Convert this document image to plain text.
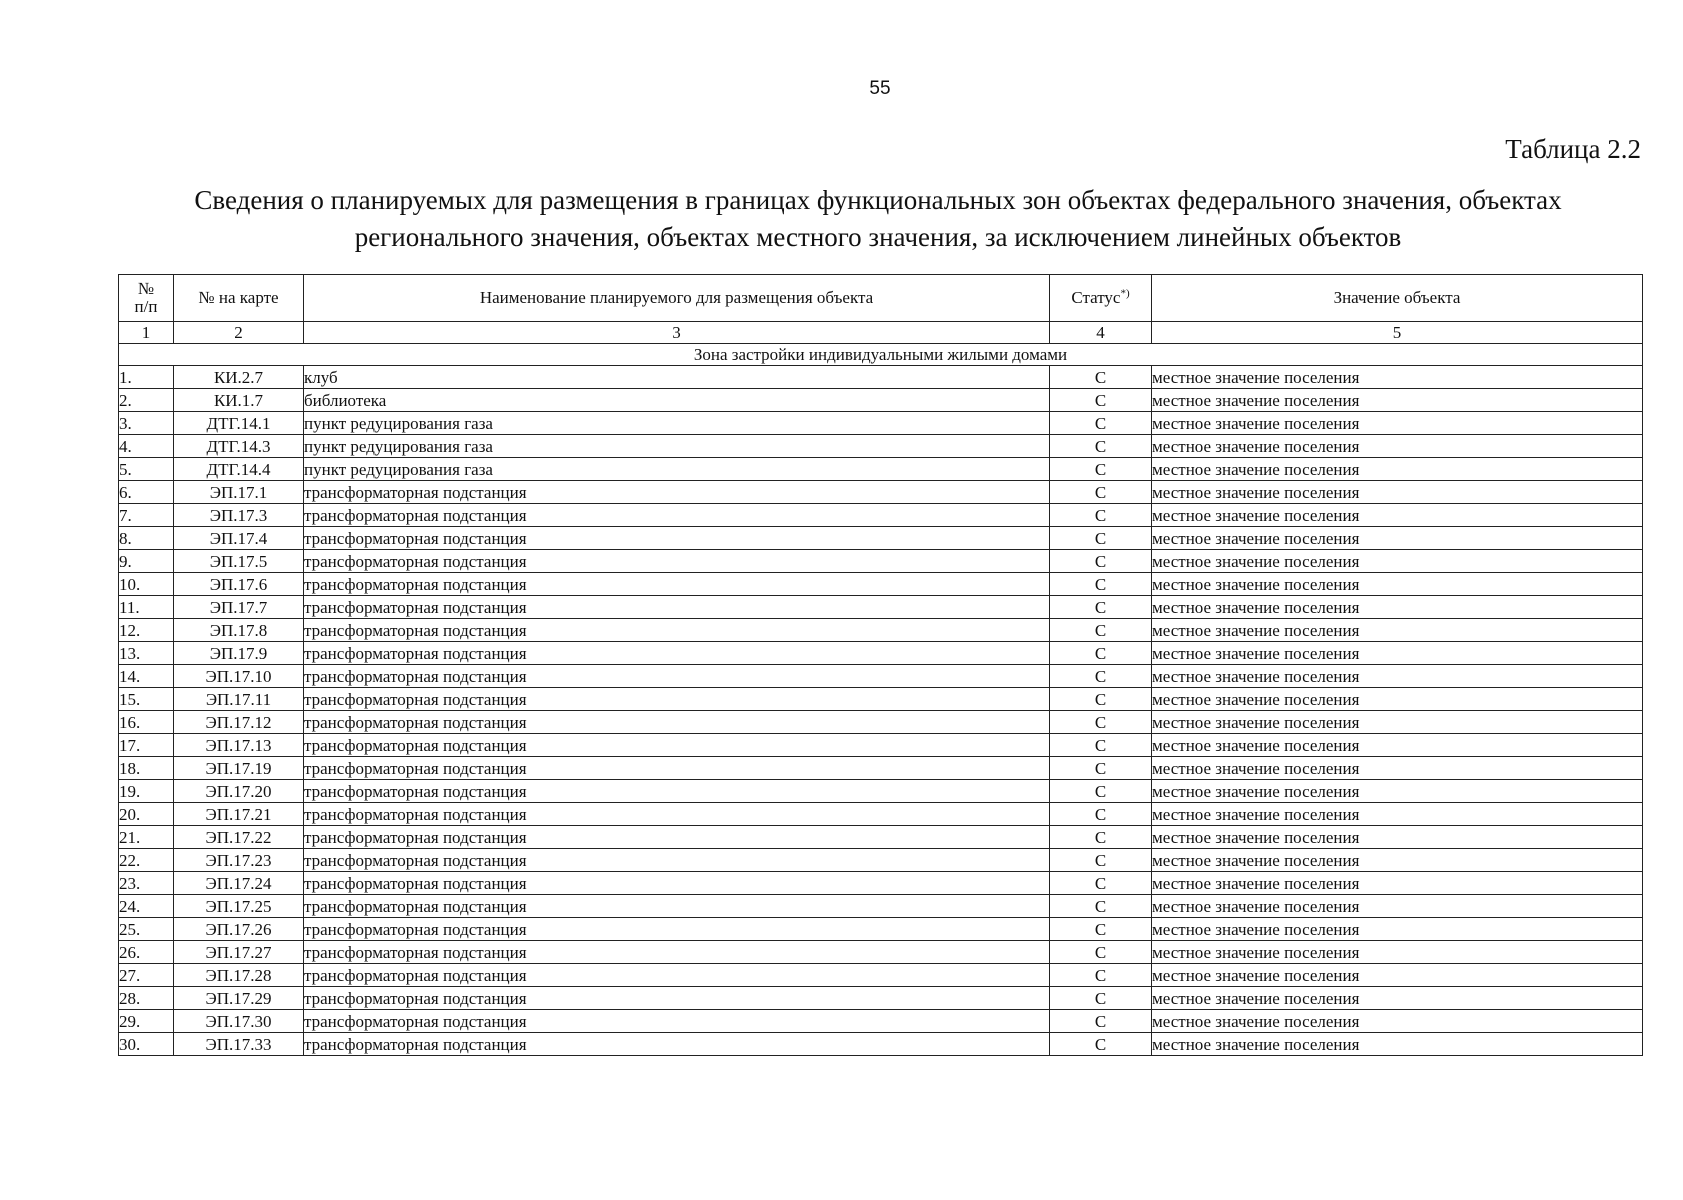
55
Таблица 2.2
Сведения о планируемых для размещения в границах функциональных зон объектах федерального значения, объектах
регионального значения, объектах местного значения, за исключением линейных объектов
№
п/п	№ на карте	Наименование планируемого для размещения объекта	Статус*)	Значение объекта
1	2	3	4	5
Зона застройки индивидуальными жилыми домами				
1.	КИ.2.7	клуб	С	местное значение поселения
2.	КИ.1.7	библиотека	С	местное значение поселения
3.	ДТГ.14.1	пункт редуцирования газа	С	местное значение поселения
4.	ДТГ.14.3	пункт редуцирования газа	С	местное значение поселения
5.	ДТГ.14.4	пункт редуцирования газа	С	местное значение поселения
6.	ЭП.17.1	трансформаторная подстанция	С	местное значение поселения
7.	ЭП.17.3	трансформаторная подстанция	С	местное значение поселения
8.	ЭП.17.4	трансформаторная подстанция	С	местное значение поселения
9.	ЭП.17.5	трансформаторная подстанция	С	местное значение поселения
10.	ЭП.17.6	трансформаторная подстанция	С	местное значение поселения
11.	ЭП.17.7	трансформаторная подстанция	С	местное значение поселения
12.	ЭП.17.8	трансформаторная подстанция	С	местное значение поселения
13.	ЭП.17.9	трансформаторная подстанция	С	местное значение поселения
14.	ЭП.17.10	трансформаторная подстанция	С	местное значение поселения
15.	ЭП.17.11	трансформаторная подстанция	С	местное значение поселения
16.	ЭП.17.12	трансформаторная подстанция	С	местное значение поселения
17.	ЭП.17.13	трансформаторная подстанция	С	местное значение поселения
18.	ЭП.17.19	трансформаторная подстанция	С	местное значение поселения
19.	ЭП.17.20	трансформаторная подстанция	С	местное значение поселения
20.	ЭП.17.21	трансформаторная подстанция	С	местное значение поселения
21.	ЭП.17.22	трансформаторная подстанция	С	местное значение поселения
22.	ЭП.17.23	трансформаторная подстанция	С	местное значение поселения
23.	ЭП.17.24	трансформаторная подстанция	С	местное значение поселения
24.	ЭП.17.25	трансформаторная подстанция	С	местное значение поселения
25.	ЭП.17.26	трансформаторная подстанция	С	местное значение поселения
26.	ЭП.17.27	трансформаторная подстанция	С	местное значение поселения
27.	ЭП.17.28	трансформаторная подстанция	С	местное значение поселения
28.	ЭП.17.29	трансформаторная подстанция	С	местное значение поселения
29.	ЭП.17.30	трансформаторная подстанция	С	местное значение поселения
30.	ЭП.17.33	трансформаторная подстанция	С	местное значение поселения
